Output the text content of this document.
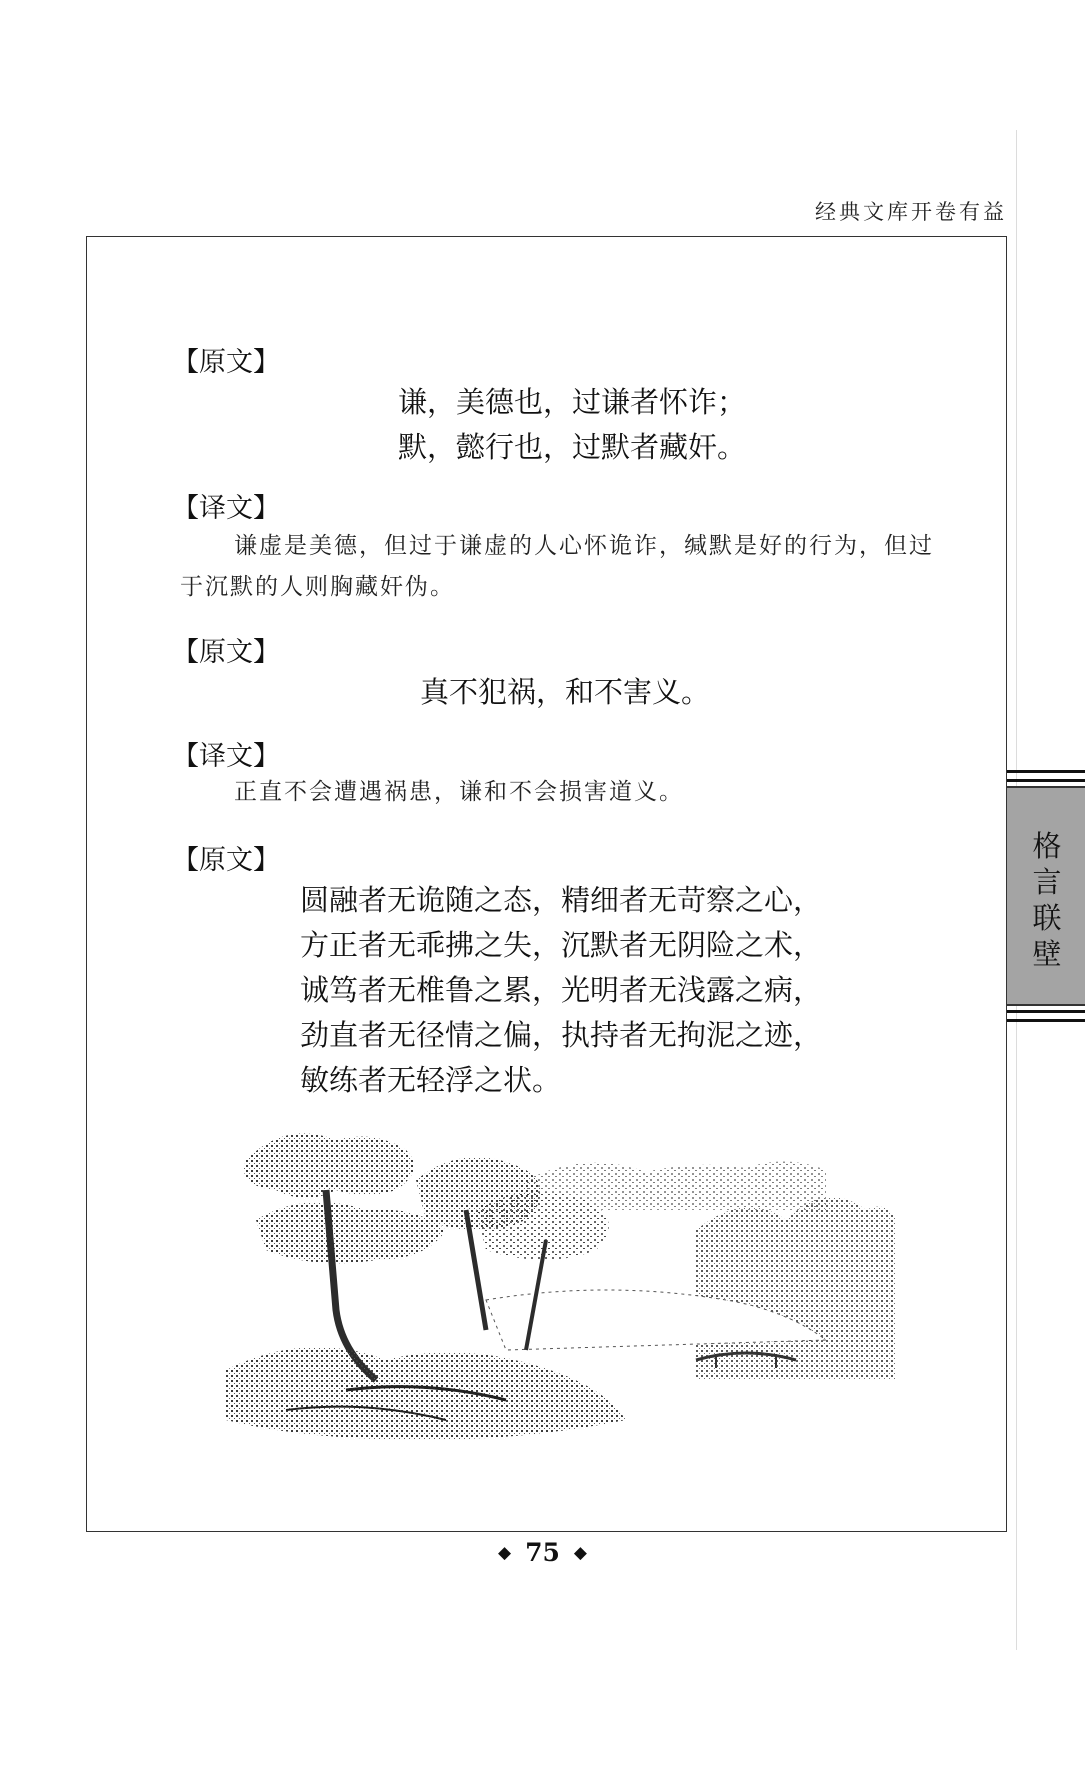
经典文库开卷有益
【原文】
谦，美德也，过谦者怀诈；
默，懿行也，过默者藏奸。
【译文】
谦虚是美德，但过于谦虚的人心怀诡诈，缄默是好的行为，但过于沉默的人则胸藏奸伪。
【原文】
真不犯祸，和不害义。
【译文】
正直不会遭遇祸患，谦和不会损害道义。
【原文】
圆融者无诡随之态，精细者无苛察之心，
方正者无乖拂之失，沉默者无阴险之术，
诚笃者无椎鲁之累，光明者无浅露之病，
劲直者无径情之偏，执持者无拘泥之迹，
敏练者无轻浮之状。
◆ 75 ◆
格
言
联
壁
